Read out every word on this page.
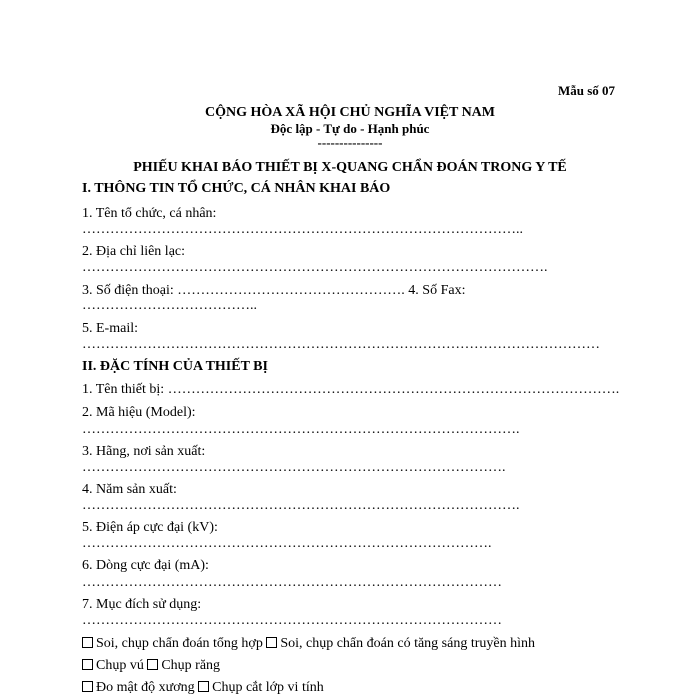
Mẫu số 07
CỘNG HÒA XÃ HỘI CHỦ NGHĨA VIỆT NAM
Độc lập - Tự do - Hạnh phúc
---------------
PHIẾU KHAI BÁO THIẾT BỊ X-QUANG CHẨN ĐOÁN TRONG Y TẾ
I. THÔNG TIN TỔ CHỨC, CÁ NHÂN KHAI BÁO
1. Tên tổ chức, cá nhân:
…………………………………………………………………………………..
2. Địa chỉ liên lạc:
……………………………………………………………………………………….
3. Số điện thoại: …………………………………………. 4. Số Fax:
………………………………..
5. E-mail:
…………………………………………………………………………………………………
II. ĐẶC TÍNH CỦA THIẾT BỊ
1. Tên thiết bị: …………………………………………………………………………………….
2. Mã hiệu (Model):
………………………………………………………………………………….
3. Hãng, nơi sản xuất:
……………………………………………………………………………….
4. Năm sản xuất:
………………………………………………………………………………….
5. Điện áp cực đại (kV):
…………………………………………………………………………….
6. Dòng cực đại (mA):
………………………………………………………………………………
7. Mục đích sử dụng:
………………………………………………………………………………
Soi, chụp chẩn đoán tổng hợp Soi, chụp chẩn đoán có tăng sáng truyền hình
Chụp vú Chụp răng
Đo mật độ xương Chụp cắt lớp vi tính
